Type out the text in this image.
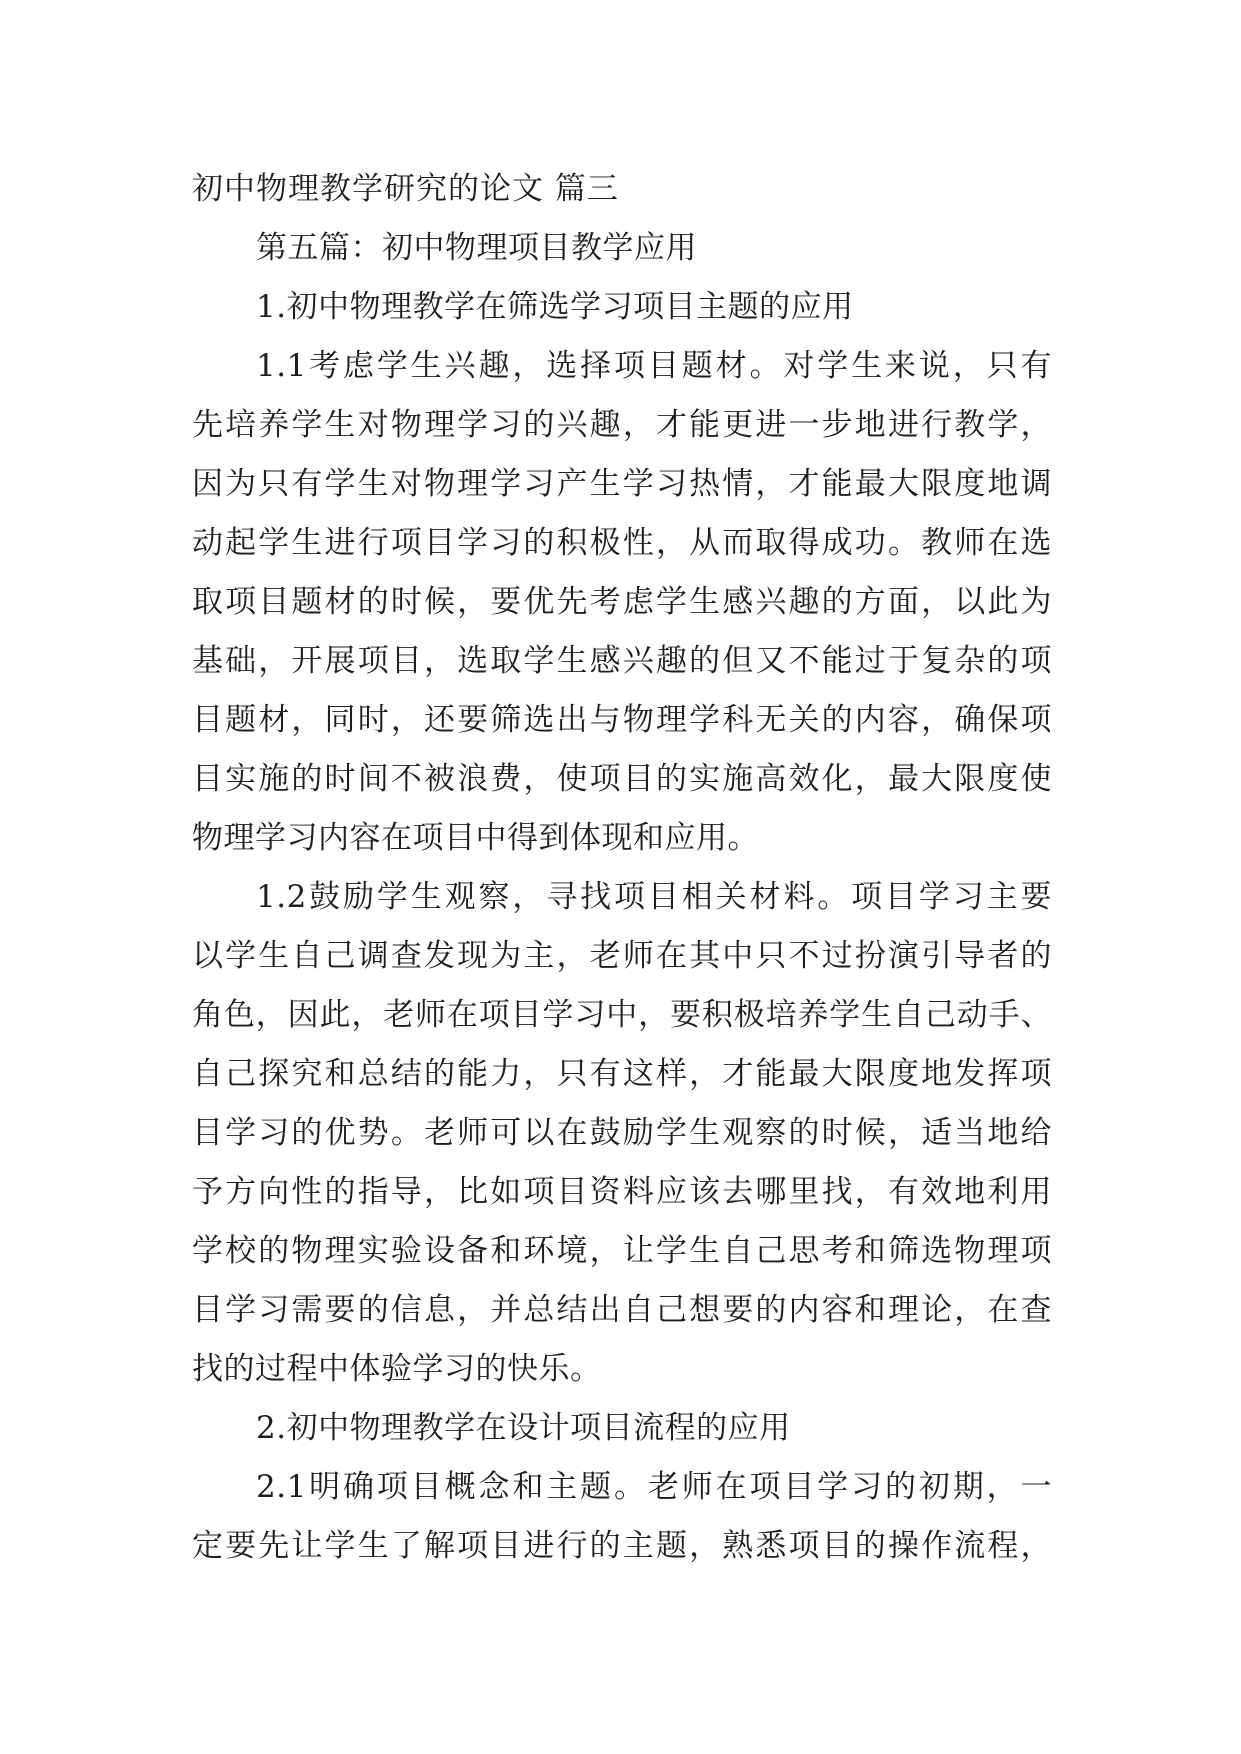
初中物理教学研究的论文 篇三
第五篇：初中物理项目教学应用
1.初中物理教学在筛选学习项目主题的应用
1.1考虑学生兴趣，选择项目题材。对学生来说，只有
先培养学生对物理学习的兴趣，才能更进一步地进行教学，
因为只有学生对物理学习产生学习热情，才能最大限度地调
动起学生进行项目学习的积极性，从而取得成功。教师在选
取项目题材的时候，要优先考虑学生感兴趣的方面，以此为
基础，开展项目，选取学生感兴趣的但又不能过于复杂的项
目题材，同时，还要筛选出与物理学科无关的内容，确保项
目实施的时间不被浪费，使项目的实施高效化，最大限度使
物理学习内容在项目中得到体现和应用。
1.2鼓励学生观察，寻找项目相关材料。项目学习主要
以学生自己调查发现为主，老师在其中只不过扮演引导者的
角色，因此，老师在项目学习中，要积极培养学生自己动手、
自己探究和总结的能力，只有这样，才能最大限度地发挥项
目学习的优势。老师可以在鼓励学生观察的时候，适当地给
予方向性的指导，比如项目资料应该去哪里找，有效地利用
学校的物理实验设备和环境，让学生自己思考和筛选物理项
目学习需要的信息，并总结出自己想要的内容和理论，在查
找的过程中体验学习的快乐。
2.初中物理教学在设计项目流程的应用
2.1明确项目概念和主题。老师在项目学习的初期，一
定要先让学生了解项目进行的主题，熟悉项目的操作流程，
